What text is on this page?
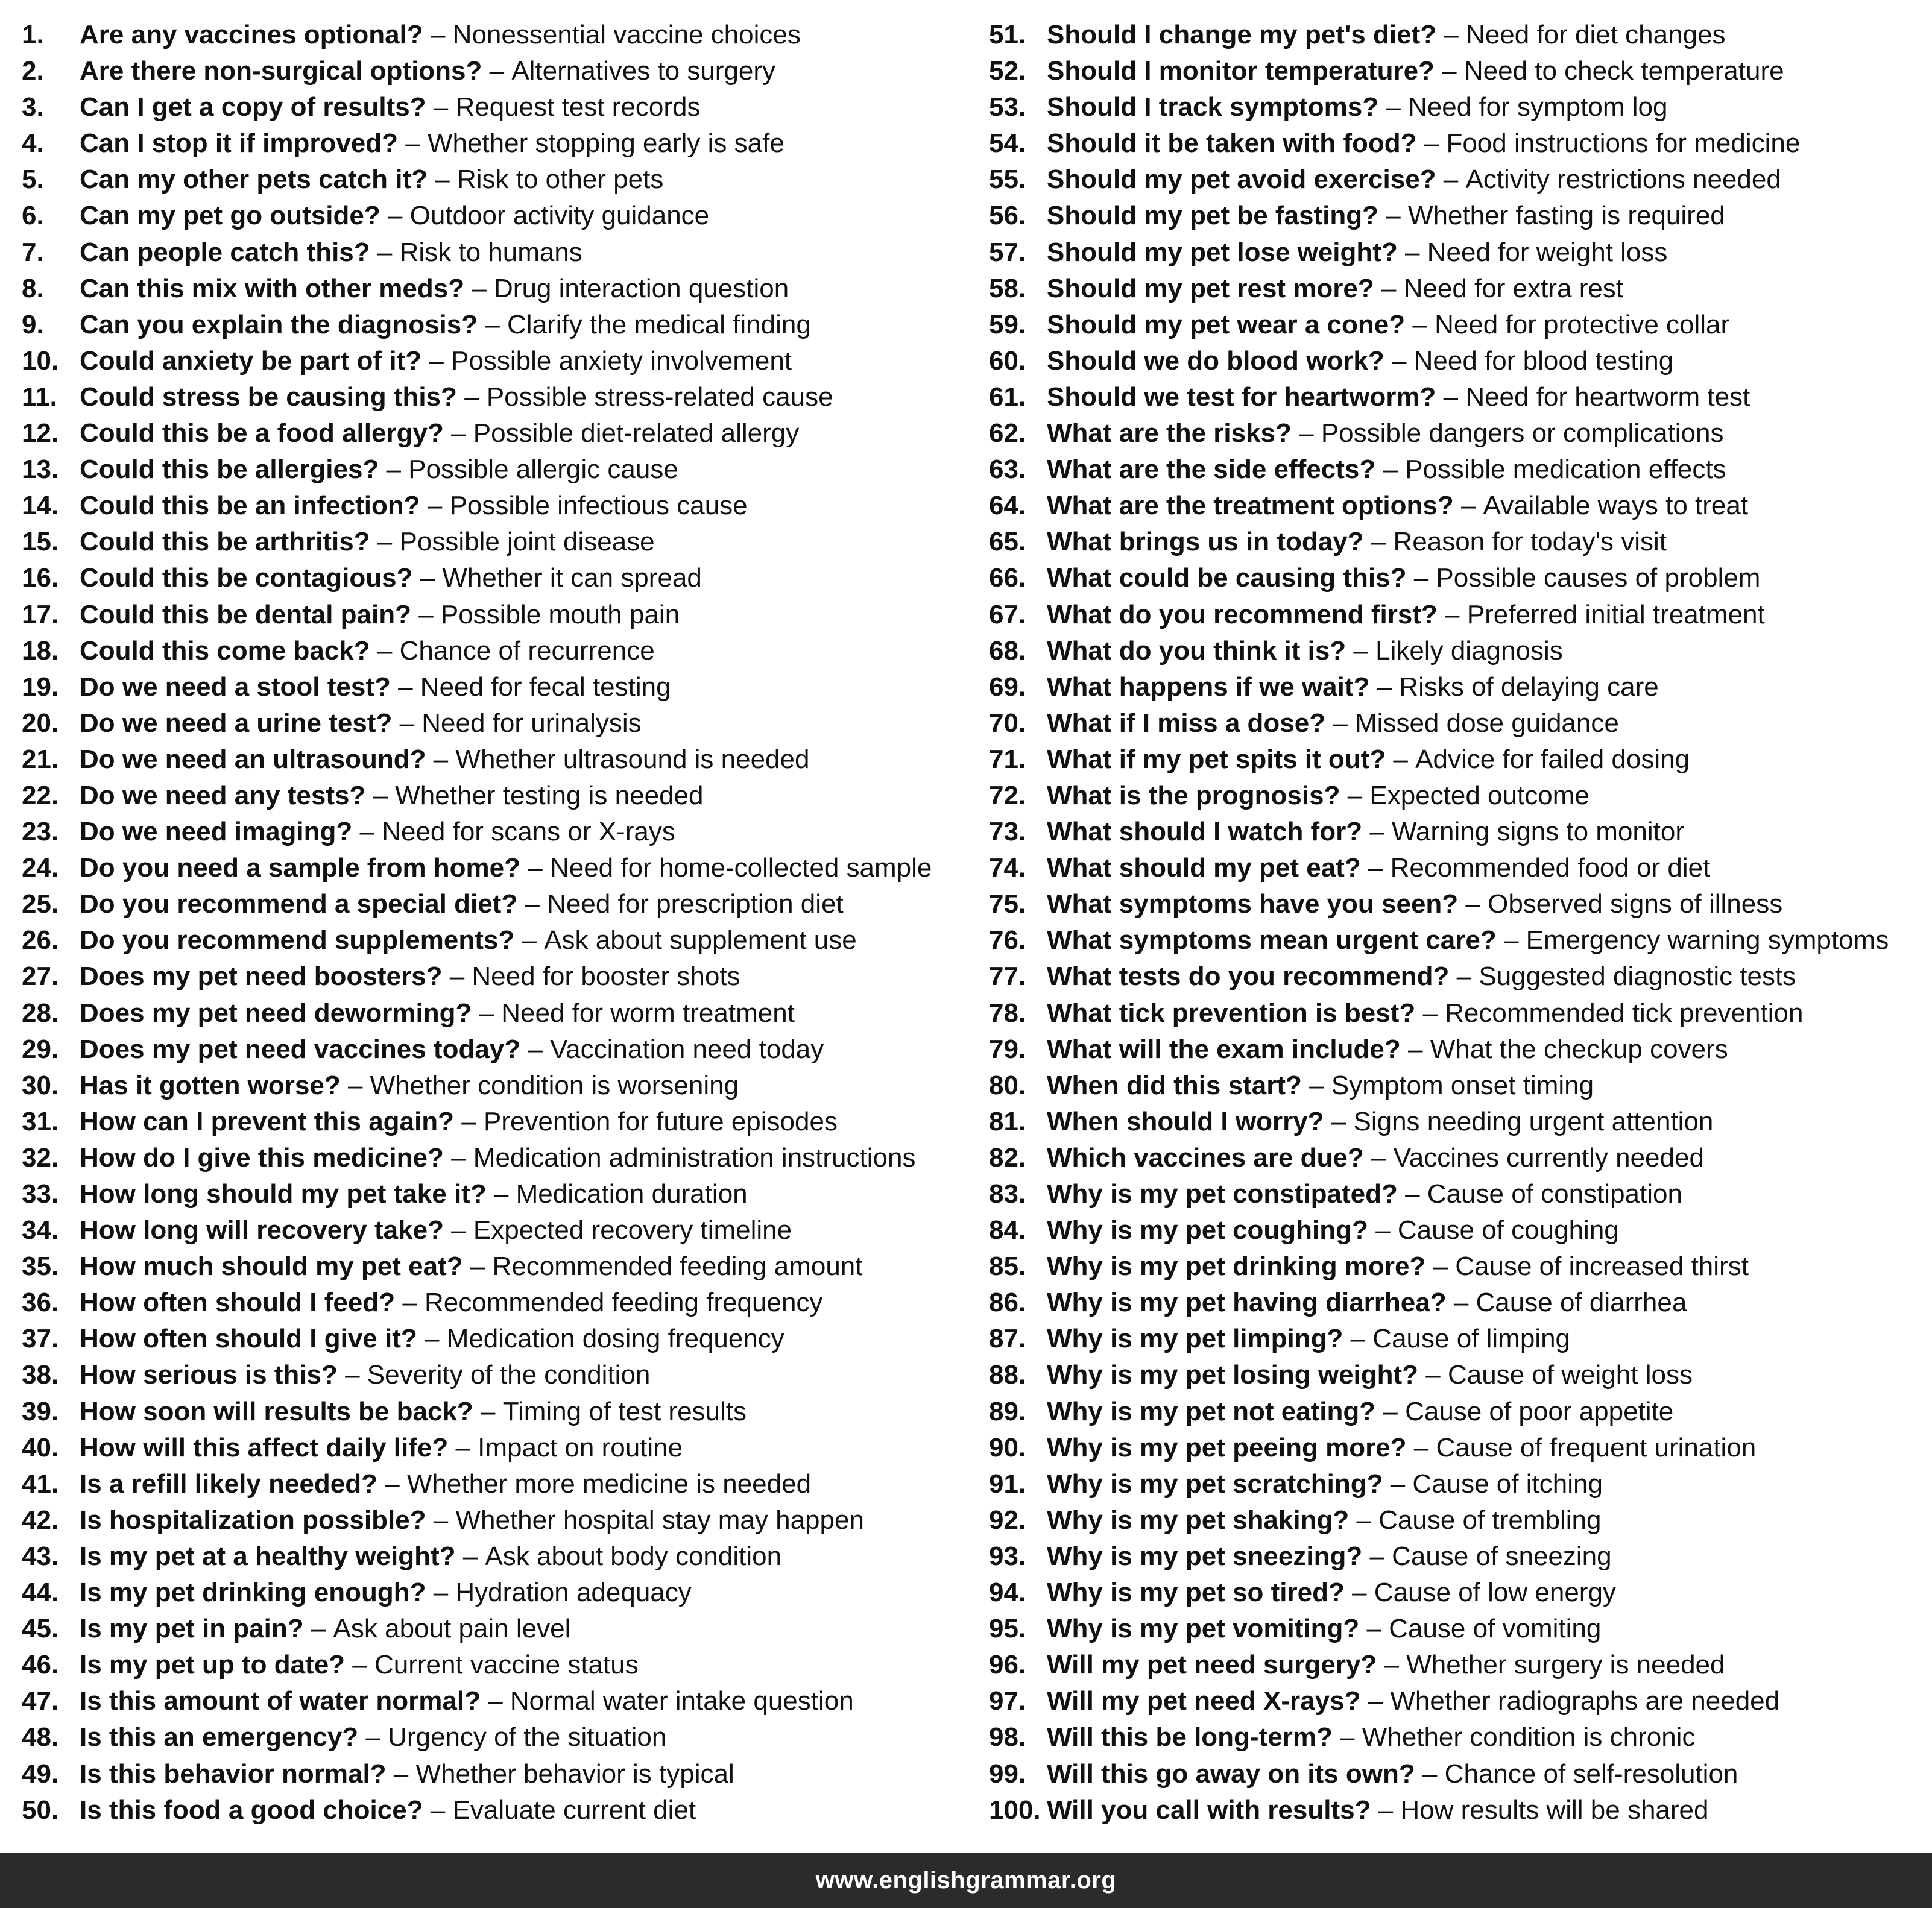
1.	Are any vaccines optional? – Nonessential vaccine choices
2.	Are there non-surgical options? – Alternatives to surgery
3.	Can I get a copy of results? – Request test records
4.	Can I stop it if improved? – Whether stopping early is safe
5.	Can my other pets catch it? – Risk to other pets
6.	Can my pet go outside? – Outdoor activity guidance
7.	Can people catch this? – Risk to humans
8.	Can this mix with other meds? – Drug interaction question
9.	Can you explain the diagnosis? – Clarify the medical finding
10. Could anxiety be part of it? – Possible anxiety involvement
11. Could stress be causing this? – Possible stress-related cause
12. Could this be a food allergy? – Possible diet-related allergy
13. Could this be allergies? – Possible allergic cause
14. Could this be an infection? – Possible infectious cause
15. Could this be arthritis? – Possible joint disease
16. Could this be contagious? – Whether it can spread
17. Could this be dental pain? – Possible mouth pain
18. Could this come back? – Chance of recurrence
19. Do we need a stool test? – Need for fecal testing
20. Do we need a urine test? – Need for urinalysis
21. Do we need an ultrasound? – Whether ultrasound is needed
22. Do we need any tests? – Whether testing is needed
23. Do we need imaging? – Need for scans or X-rays
24. Do you need a sample from home? – Need for home-collected sample
25. Do you recommend a special diet? – Need for prescription diet
26. Do you recommend supplements? – Ask about supplement use
27. Does my pet need boosters? – Need for booster shots
28. Does my pet need deworming? – Need for worm treatment
29. Does my pet need vaccines today? – Vaccination need today
30. Has it gotten worse? – Whether condition is worsening
31. How can I prevent this again? – Prevention for future episodes
32. How do I give this medicine? – Medication administration instructions
33. How long should my pet take it? – Medication duration
34. How long will recovery take? – Expected recovery timeline
35. How much should my pet eat? – Recommended feeding amount
36. How often should I feed? – Recommended feeding frequency
37. How often should I give it? – Medication dosing frequency
38. How serious is this? – Severity of the condition
39. How soon will results be back? – Timing of test results
40. How will this affect daily life? – Impact on routine
41. Is a refill likely needed? – Whether more medicine is needed
42. Is hospitalization possible? – Whether hospital stay may happen
43. Is my pet at a healthy weight? – Ask about body condition
44. Is my pet drinking enough? – Hydration adequacy
45. Is my pet in pain? – Ask about pain level
46. Is my pet up to date? – Current vaccine status
47. Is this amount of water normal? – Normal water intake question
48. Is this an emergency? – Urgency of the situation
49. Is this behavior normal? – Whether behavior is typical
50. Is this food a good choice? – Evaluate current diet
51. Should I change my pet's diet? – Need for diet changes
52. Should I monitor temperature? – Need to check temperature
53. Should I track symptoms? – Need for symptom log
54. Should it be taken with food? – Food instructions for medicine
55. Should my pet avoid exercise? – Activity restrictions needed
56. Should my pet be fasting? – Whether fasting is required
57. Should my pet lose weight? – Need for weight loss
58. Should my pet rest more? – Need for extra rest
59. Should my pet wear a cone? – Need for protective collar
60. Should we do blood work? – Need for blood testing
61. Should we test for heartworm? – Need for heartworm test
62. What are the risks? – Possible dangers or complications
63. What are the side effects? – Possible medication effects
64. What are the treatment options? – Available ways to treat
65. What brings us in today? – Reason for today's visit
66. What could be causing this? – Possible causes of problem
67. What do you recommend first? – Preferred initial treatment
68. What do you think it is? – Likely diagnosis
69. What happens if we wait? – Risks of delaying care
70. What if I miss a dose? – Missed dose guidance
71. What if my pet spits it out? – Advice for failed dosing
72. What is the prognosis? – Expected outcome
73. What should I watch for? – Warning signs to monitor
74. What should my pet eat? – Recommended food or diet
75. What symptoms have you seen? – Observed signs of illness
76. What symptoms mean urgent care? – Emergency warning symptoms
77. What tests do you recommend? – Suggested diagnostic tests
78. What tick prevention is best? – Recommended tick prevention
79. What will the exam include? – What the checkup covers
80. When did this start? – Symptom onset timing
81. When should I worry? – Signs needing urgent attention
82. Which vaccines are due? – Vaccines currently needed
83. Why is my pet constipated? – Cause of constipation
84. Why is my pet coughing? – Cause of coughing
85. Why is my pet drinking more? – Cause of increased thirst
86. Why is my pet having diarrhea? – Cause of diarrhea
87. Why is my pet limping? – Cause of limping
88. Why is my pet losing weight? – Cause of weight loss
89. Why is my pet not eating? – Cause of poor appetite
90. Why is my pet peeing more? – Cause of frequent urination
91. Why is my pet scratching? – Cause of itching
92. Why is my pet shaking? – Cause of trembling
93. Why is my pet sneezing? – Cause of sneezing
94. Why is my pet so tired? – Cause of low energy
95. Why is my pet vomiting? – Cause of vomiting
96. Will my pet need surgery? – Whether surgery is needed
97. Will my pet need X-rays? – Whether radiographs are needed
98. Will this be long-term? – Whether condition is chronic
99. Will this go away on its own? – Chance of self-resolution
100. Will you call with results? – How results will be shared
www.englishgrammar.org
